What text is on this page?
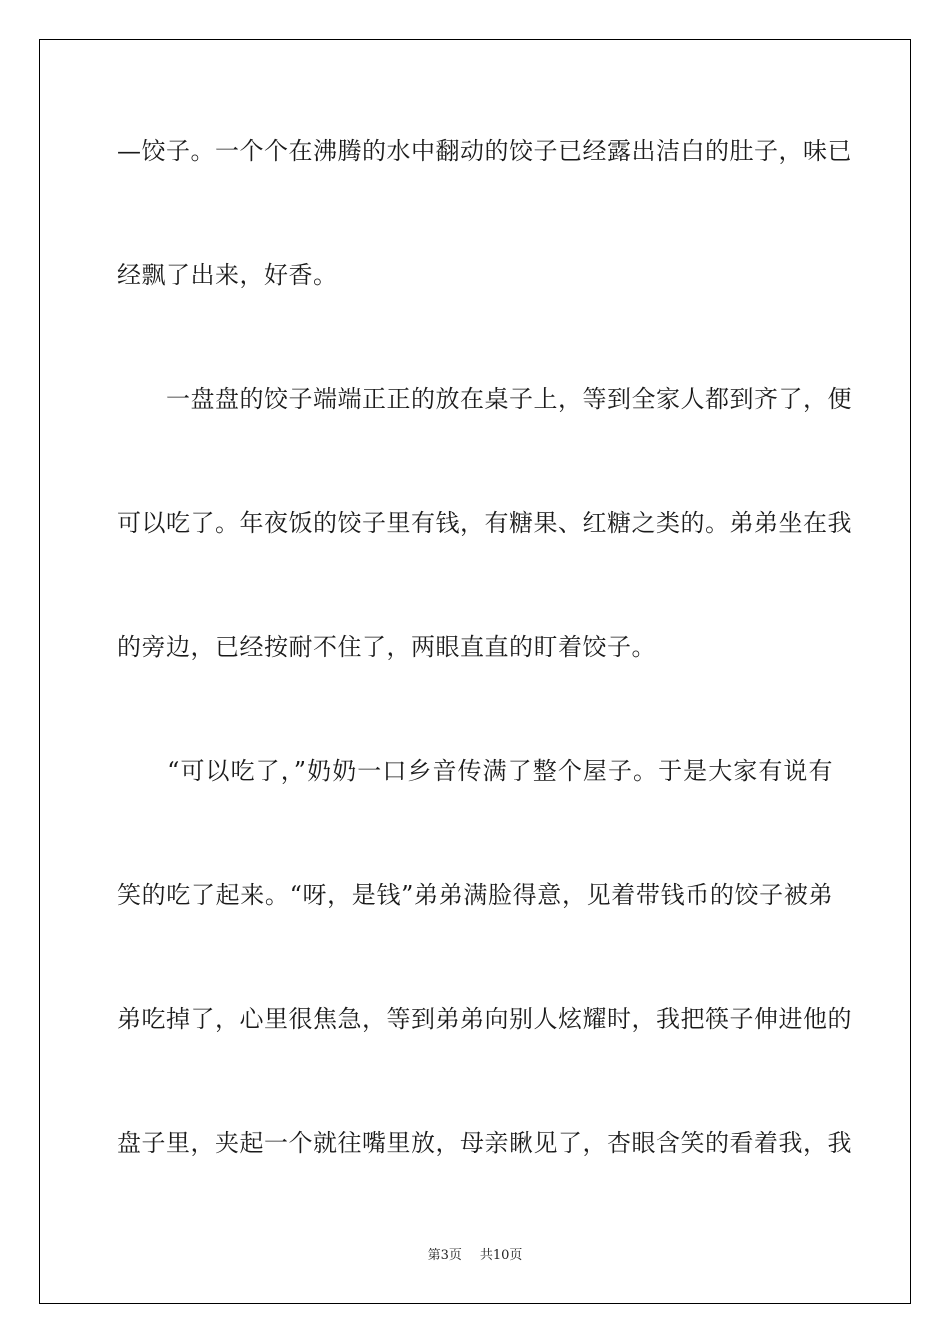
—饺子。一个个在沸腾的水中翻动的饺子已经露出洁白的肚子，味已
经飘了出来，好香。
　　一盘盘的饺子端端正正的放在桌子上，等到全家人都到齐了，便
可以吃了。年夜饭的饺子里有钱，有糖果、红糖之类的。弟弟坐在我
的旁边，已经按耐不住了，两眼直直的盯着饺子。
　　“可以吃了，”奶奶一口乡音传满了整个屋子。于是大家有说有
笑的吃了起来。“呀，是钱”弟弟满脸得意，见着带钱币的饺子被弟
弟吃掉了，心里很焦急，等到弟弟向别人炫耀时，我把筷子伸进他的
盘子里，夹起一个就往嘴里放，母亲瞅见了，杏眼含笑的看着我，我
第3页 共10页
